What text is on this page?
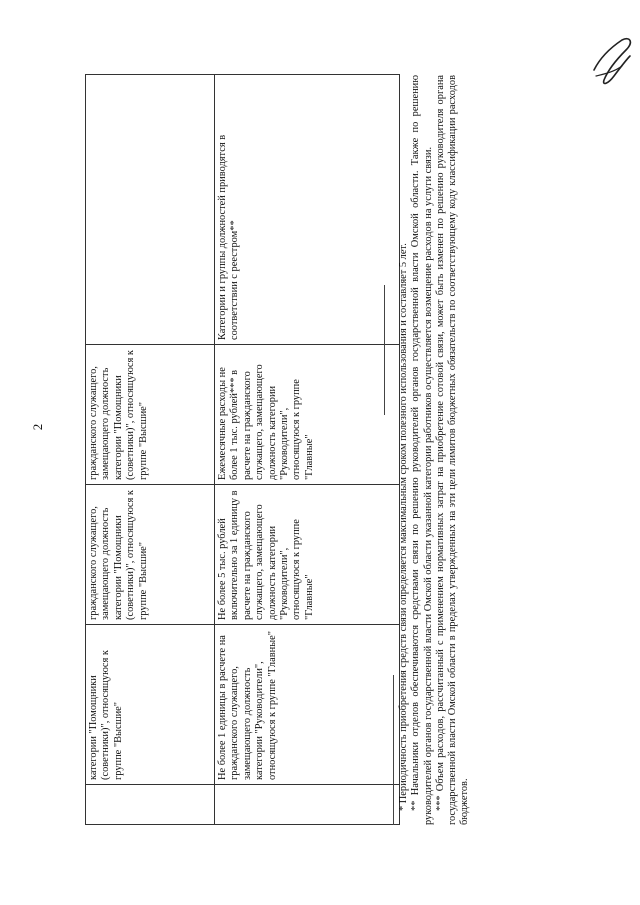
2
	категории "Помощники (советники)", относящуюся к группе "Высшие"	гражданского служащего, замещающего должность категории "Помощники (советники)", относящуюся к группе "Высшие"	гражданского служащего, замещающего должность категории "Помощники (советники)", относящуюся к группе "Высшие"	
	Не более 1 единицы в расчете на гражданского служащего, замещающего должность категории "Руководители", относящуюся к группе "Главные"	Не более 5 тыс. рублей включительно за 1 единицу в расчете на гражданского служащего, замещающего должность категории "Руководители", относящуюся к группе "Главные"	Ежемесячные расходы не более 1 тыс. рублей*** в расчете на гражданского служащего, замещающего должность категории "Руководители", относящуюся к группе "Главные"	Категории и группы должностей приводятся в соответствии с реестром**	* Периодичность приобретения средств связи определяется максимальным сроком полезного использования и составляет 5 лет. ** Начальники отделов обеспечиваются средствами связи по решению руководителей органов государственной власти Омской области. Также по решению руководителей органов государственной власти Омской области указанной категории работников осуществляется возмещение расходов на услуги связи. *** Объем расходов, рассчитанный с применением нормативных затрат на приобретение сотовой связи, может быть изменен по решению руководителя органа государственной власти Омской области в пределах утвержденных на эти цели лимитов бюджетных обязательств по соответствующему коду классификации расходов бюджетов.
